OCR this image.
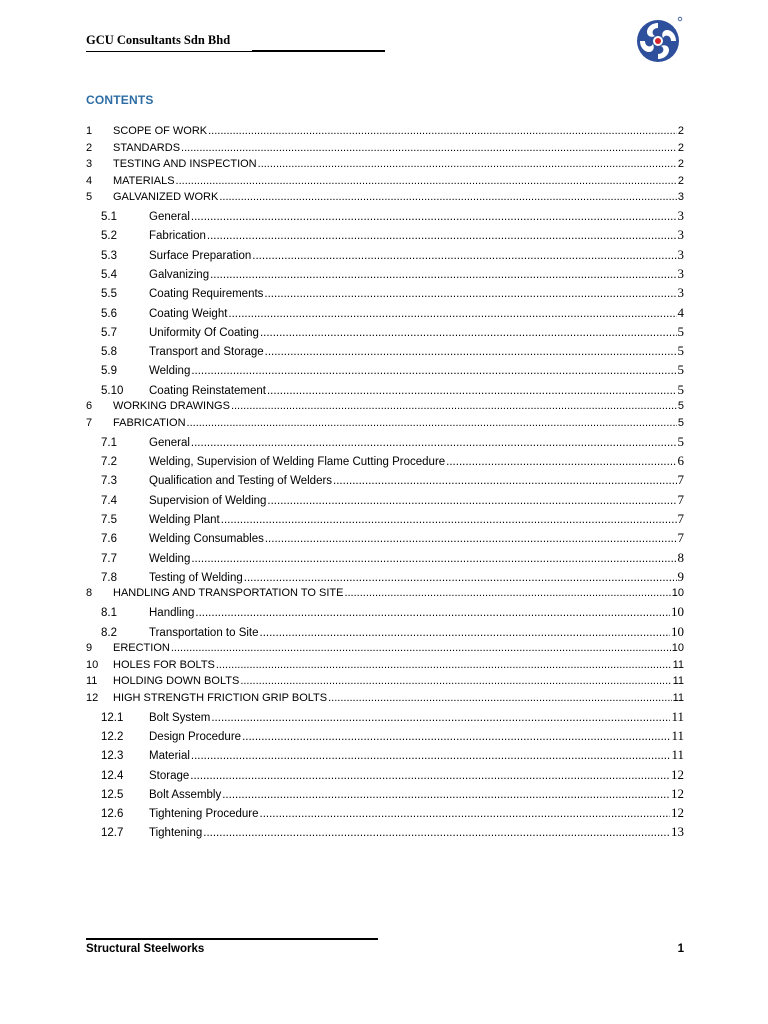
GCU Consultants Sdn Bhd
CONTENTS
1	SCOPE OF WORK .....	2
2	STANDARDS .....	2
3	TESTING AND INSPECTION .....	2
4	MATERIALS .....	2
5	GALVANIZED WORK .....	3
5.1	General .....	3
5.2	Fabrication .....	3
5.3	Surface Preparation .....	3
5.4	Galvanizing .....	3
5.5	Coating Requirements .....	3
5.6	Coating Weight .....	4
5.7	Uniformity Of Coating .....	5
5.8	Transport and Storage .....	5
5.9	Welding .....	5
5.10	Coating Reinstatement .....	5
6	WORKING DRAWINGS .....	5
7	FABRICATION .....	5
7.1	General .....	5
7.2	Welding, Supervision of Welding Flame Cutting Procedure .....	6
7.3	Qualification and Testing of Welders .....	7
7.4	Supervision of Welding .....	7
7.5	Welding Plant .....	7
7.6	Welding Consumables .....	7
7.7	Welding .....	8
7.8	Testing of Welding .....	9
8	HANDLING AND TRANSPORTATION TO SITE .....	10
8.1	Handling .....	10
8.2	Transportation to Site .....	10
9	ERECTION .....	10
10	HOLES FOR BOLTS .....	11
11	HOLDING DOWN BOLTS .....	11
12	HIGH STRENGTH FRICTION GRIP BOLTS .....	11
12.1	Bolt System .....	11
12.2	Design Procedure .....	11
12.3	Material .....	11
12.4	Storage .....	12
12.5	Bolt Assembly .....	12
12.6	Tightening Procedure .....	12
12.7	Tightening .....	13
Structural Steelworks	1
